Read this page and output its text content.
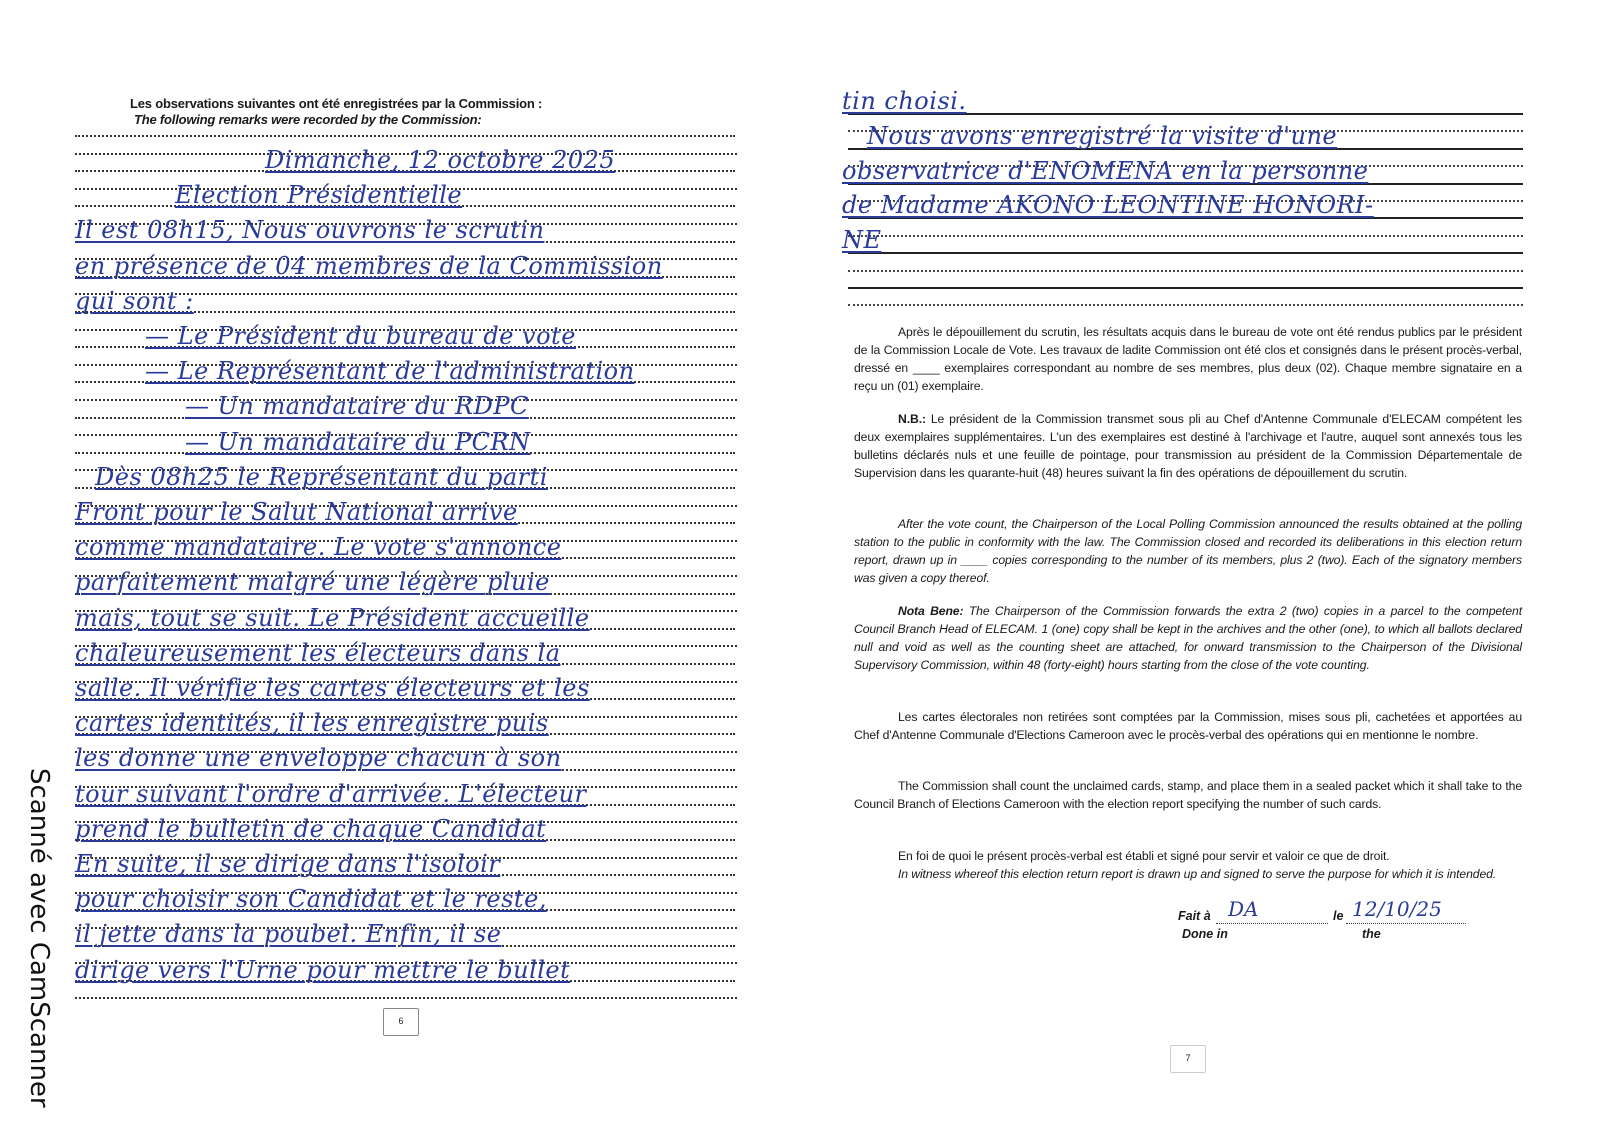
Scanné avec CamScanner
Les observations suivantes ont été enregistrées par la Commission :
The following remarks were recorded by the Commission:
Dimanche, 12 octobre 2025
Election Présidentielle
Il est 08h15, Nous ouvrons le scrutin
en présence de 04 membres de la Commission
qui sont :
— Le Président du bureau de vote
— Le Représentant de l'administration
— Un mandataire du RDPC
— Un mandataire du PCRN
Dès 08h25 le Représentant du parti
Front pour le Salut National arrive
comme mandataire. Le vote s'annonce
parfaitement malgré une légère pluie
mais, tout se suit. Le Président accueille
chaleureusement les électeurs dans la
salle. Il vérifie les cartes électeurs et les
cartes identités, il les enregistre puis
les donne une enveloppe chacun à son
tour suivant l'ordre d'arrivée. L'électeur
prend le bulletin de chaque Candidat
En suite, il se dirige dans l'isoloir
pour choisir son Candidat et le reste,
il jette dans la poubel. Enfin, il se
dirige vers l'Urne pour mettre le bullet
6
tin choisi.
Nous avons enregistré la visite d'une
observatrice d'ENOMENA en la personne
de Madame AKONO LEONTINE HONORI-
NE
Après le dépouillement du scrutin, les résultats acquis dans le bureau de vote ont été rendus publics par le président de la Commission Locale de Vote. Les travaux de ladite Commission ont été clos et consignés dans le présent procès-verbal, dressé en ____ exemplaires correspondant au nombre de ses membres, plus deux (02). Chaque membre signataire en a reçu un (01) exemplaire.
N.B.: Le président de la Commission transmet sous pli au Chef d'Antenne Communale d'ELECAM compétent les deux exemplaires supplémentaires. L'un des exemplaires est destiné à l'archivage et l'autre, auquel sont annexés tous les bulletins déclarés nuls et une feuille de pointage, pour transmission au président de la Commission Départementale de Supervision dans les quarante-huit (48) heures suivant la fin des opérations de dépouillement du scrutin.
After the vote count, the Chairperson of the Local Polling Commission announced the results obtained at the polling station to the public in conformity with the law. The Commission closed and recorded its deliberations in this election return report, drawn up in ____ copies corresponding to the number of its members, plus 2 (two). Each of the signatory members was given a copy thereof.
Nota Bene: The Chairperson of the Commission forwards the extra 2 (two) copies in a parcel to the competent Council Branch Head of ELECAM. 1 (one) copy shall be kept in the archives and the other (one), to which all ballots declared null and void as well as the counting sheet are attached, for onward transmission to the Chairperson of the Divisional Supervisory Commission, within 48 (forty-eight) hours starting from the close of the vote counting.
Les cartes électorales non retirées sont comptées par la Commission, mises sous pli, cachetées et apportées au Chef d'Antenne Communale d'Elections Cameroon avec le procès-verbal des opérations qui en mentionne le nombre.
The Commission shall count the unclaimed cards, stamp, and place them in a sealed packet which it shall take to the Council Branch of Elections Cameroon with the election report specifying the number of such cards.
En foi de quoi le présent procès-verbal est établi et signé pour servir et valoir ce que de droit.
In witness whereof this election return report is drawn up and signed to serve the purpose for which it is intended.
Fait à DA	le 12/10/25
Done in	the
7
